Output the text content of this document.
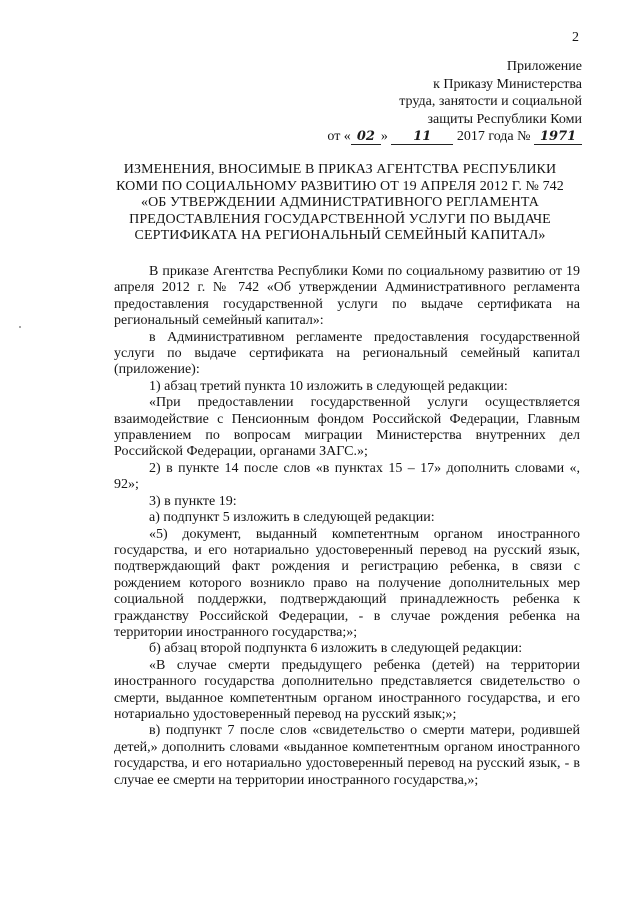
2
Приложение
к Приказу Министерства
труда, занятости и социальной
защиты Республики Коми
от « 02 » 11 2017 года № 1971
ИЗМЕНЕНИЯ, ВНОСИМЫЕ В ПРИКАЗ АГЕНТСТВА РЕСПУБЛИКИ
КОМИ ПО СОЦИАЛЬНОМУ РАЗВИТИЮ ОТ 19 АПРЕЛЯ 2012 Г. № 742
«ОБ УТВЕРЖДЕНИИ АДМИНИСТРАТИВНОГО РЕГЛАМЕНТА
ПРЕДОСТАВЛЕНИЯ ГОСУДАРСТВЕННОЙ УСЛУГИ ПО ВЫДАЧЕ
СЕРТИФИКАТА НА РЕГИОНАЛЬНЫЙ СЕМЕЙНЫЙ КАПИТАЛ»

В приказе Агентства Республики Коми по социальному развитию от 19 апреля 2012 г. № 742 «Об утверждении Административного регламента предоставления государственной услуги по выдаче сертификата на региональный семейный капитал»:

в Административном регламенте предоставления государственной услуги по выдаче сертификата на региональный семейный капитал (приложение):

1) абзац третий пункта 10 изложить в следующей редакции:

«При предоставлении государственной услуги осуществляется взаимодействие с Пенсионным фондом Российской Федерации, Главным управлением по вопросам миграции Министерства внутренних дел Российской Федерации, органами ЗАГС.»;

2) в пункте 14 после слов «в пунктах 15 – 17» дополнить словами «, 92»;

3) в пункте 19:

а) подпункт 5 изложить в следующей редакции:

«5) документ, выданный компетентным органом иностранного государства, и его нотариально удостоверенный перевод на русский язык, подтверждающий факт рождения и регистрацию ребенка, в связи с рождением которого возникло право на получение дополнительных мер социальной поддержки, подтверждающий принадлежность ребенка к гражданству Российской Федерации, - в случае рождения ребенка на территории иностранного государства;»;

б) абзац второй подпункта 6 изложить в следующей редакции:

«В случае смерти предыдущего ребенка (детей) на территории иностранного государства дополнительно представляется свидетельство о смерти, выданное компетентным органом иностранного государства, и его нотариально удостоверенный перевод на русский язык;»;

в) подпункт 7 после слов «свидетельство о смерти матери, родившей детей,» дополнить словами «выданное компетентным органом иностранного государства, и его нотариально удостоверенный перевод на русский язык, - в случае ее смерти на территории иностранного государства,»;
